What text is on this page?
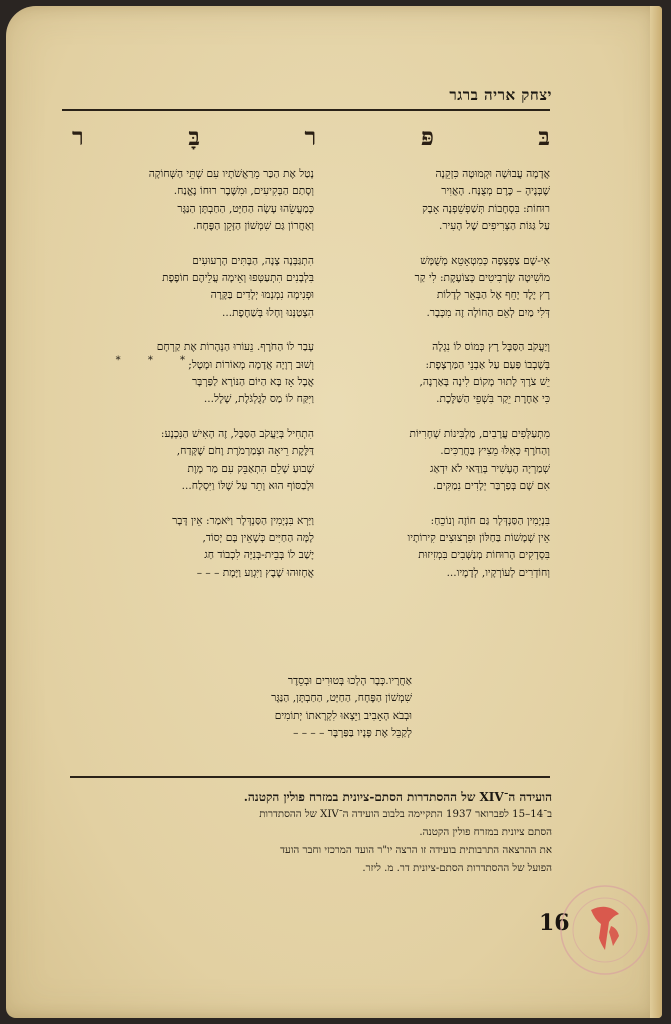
יצחק אריה ברגר
בּ
פּ
ר
בָּ
ר
אֲדָמָה עֲבוּשָׁה וּקְמוּטָה כִּזְקֵנָה
שֶׁבְּנֶיהָ – כֶּרֶם מְצֻנָּח. הָאֲוִיר
רוּחוֹת: בִּסְחָבוֹת תְּשַׁפְשֵׁפְנָה אָבָק
עַל גַּגּוֹת הַצְּרִיפִים שֶׁל הָעִיר.
אִי-שָׁם צַפְצָפָה כְּמִטְאָטֵא מְשֻׁמָּשׁ
מוֹשִׁיטָה שָׂרְבִיטִים כְּצוֹעֶקֶת: לִי קַר
רָץ יֶלֶד יָחֵף אֶל הַבְּאֵר לְדָלוֹת
דְּלִי מַיִם לְאֵם הַחוֹלָה זֶה מִכְּבָר.
וְיַעֲקֹב הַסַּבָּל רָץ כְּמוֹס לוֹ נִגְלָה
בְּשָׁבְבוֹ פַּעַם עַל אַבְנֵי הַמַּרְצָפֶת:
יֵשׁ צֹרֶךְ לָתוּר מָקוֹם לִינָה בָּאַרְנָה,
כִּי אַחֶרֶת יֵקַר בִּשְׁפֵי הַשַּׁלֶּכֶת.
מִתְעַלְּפִים עֲרָבִים, מַלְבִּינוֹת שְׁחָרִיּוֹת
וְהַחֹרֶף כְּאִלּוּ מֵצִיץ בַּחֲרַכִּים.
שְׁמַרְיָה הֶעָשִׁיר בְּוַדַּאי לֹא יִדְאַג
אִם שָׁם בְּפַרְבַּר יְלָדִים נִמַקִּים.
בִּנְיָמִין הַסַּנְדְּלָר גַּם חוֹזֶה וְנוֹכֵחַ:
אֵין שְׁמָשׁוֹת בַּחַלּוֹן וּפִרְצוּצִים קִירוֹתָיו
בִּסְדָקִים הָרוּחוֹת מְנַשְּׁבִים בִּמְזִיזוּת
וְחוֹדְרִים לְעוֹרְקָיו, לְדָמָיו...
נָטַל אֶת הַכַּר מֵרַאֲשֹׁתָיו עִם שְׁתֵּי הַשְּׁחוֹקָה
וְסָתַם הַבְּקִיעִים, וּמִשֶּׁבֶר רוּחוֹ נֶאֱנַח.
כְּמַעֲשֵׂהוּ עָשָׂה הַחַיָּט, הַחַבְתָּן הַנַּגָּר
וְאַחֲרוֹן גַּם שִׁמְשׁוֹן הַזָּקֵן הַפֶּחָח.
הִתְגַּבְּנָה צָנָה, הַבָּתִּים הָרְעוּעִים
בִּלְבָנִים הִתְעַטְּפוּ וְאֵימָה עֲלֵיהֶם חוֹפֶפֶת
וּפְנִימָה נִמְנְמוּ יְלָדִים בַּקָּרָה
הִצְטַנְּנוּ וְחָלוּ בְּשַׁחֶפֶת...
עָבַר לוֹ הַחֹרֶף. נֵעוֹרוּ הַנְּהָרוֹת אֶת קַרְחָם
וְשׁוּב רְוָיָה אֲדָמָה מְאוֹרוֹת וּמָטָל;
אֲבָל אָז בָּא הַיּוֹם הַנּוֹרָא לַפַּרְבָּר
וַיִּקַּח לוֹ מַס לַגֻּלְגֹּלֶת, שָׁלָל...
הִתְחִיל בְּיַעֲקֹב הַסַּבָּל, זֶה הָאִישׁ הַנִּכְנָע:
דַּלֶּקֶת רֵיאָה וּצְמַרְמֹרֶת וָחֹם שֶׁקָּדַח,
שָׁבוּעַ שָׁלֵם הִתְאַבֵּק עִם מַר מָוֶת
וּלְבַסּוֹף הוּא וָתֵר עַל שֶׁלּוֹ וַיִּסְלַח...
וַיַּרְא בִּנְיָמִין הַסַּנְדְּלָר וַיֹּאמַר: אֵין דָּבָר
לָמָּה הַחַיִּים כְּשֶׁאֵין בָּם יְסוֹד,
יָשַׁב לוֹ בְּבֵית-בְּנִיָּה לִכְבוֹד חַג
אֲחָזוּהוּ שֶׁבֶץ וַיִּגְוַע וַיָּמָת – – –
* * *
אַחֲרָיו.כְּבָר הָלְכוּ בְּטוּרִים וּבְסֵדֶר
שִׁמְשׁוֹן הַפֶּחָח, הַחַיָּט, הַחַבְתָּן, הַנַּגָּר
וּבְבֹא הָאָבִיב וַיֵּצְאוּ לִקְרָאתוֹ יְתוֹמִים
לְקַבֵּל אֶת פָּנָיו בַּפַּרְבָּר – – – –
הועידה ה־XIV של ההסתדרות הסתם-ציונית במזרח פולין הקטנה.
ב־14–15 לפברואר 1937 התקיימה בלבוב הועידה ה־XIV של ההסתדרות
הסתם ציונית במזרח פולין הקטנה.
את ההרצאה התרבותית בועידה זו הרצה יו"ר הועד המרכזי וחבר הועד
הפועל של ההסתדרות הסתם-ציונית דר. מ. ליזר.
16
